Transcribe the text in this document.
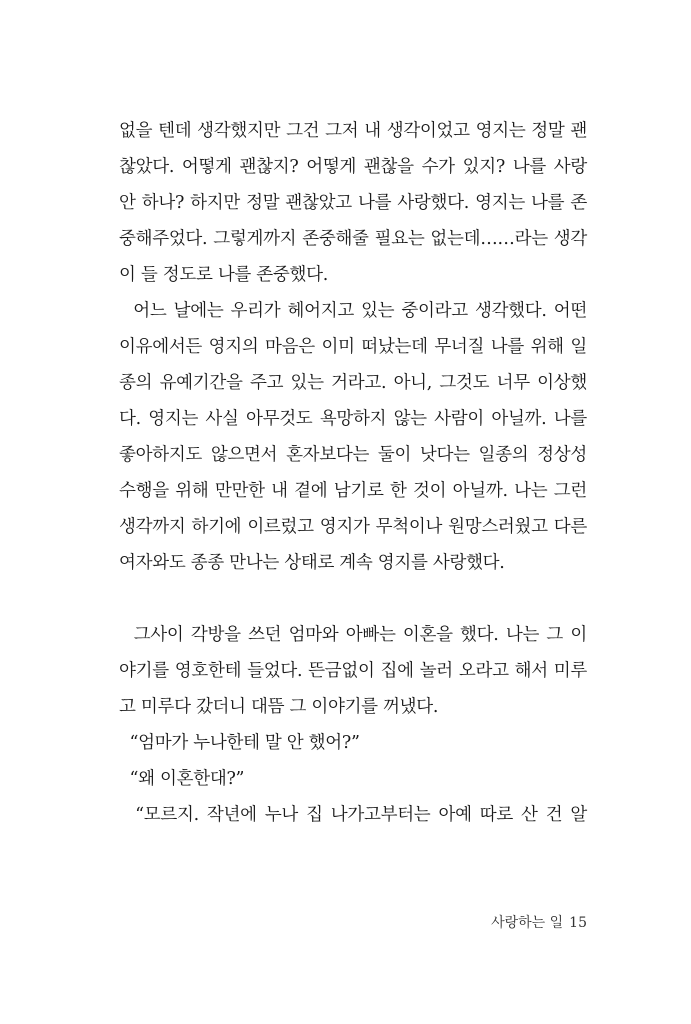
없을 텐데 생각했지만 그건 그저 내 생각이었고 영지는 정말 괜
찮았다. 어떻게 괜찮지? 어떻게 괜찮을 수가 있지? 나를 사랑
안 하나? 하지만 정말 괜찮았고 나를 사랑했다. 영지는 나를 존
중해주었다. 그렇게까지 존중해줄 필요는 없는데……라는 생각
이 들 정도로 나를 존중했다.
어느 날에는 우리가 헤어지고 있는 중이라고 생각했다. 어떤
이유에서든 영지의 마음은 이미 떠났는데 무너질 나를 위해 일
종의 유예기간을 주고 있는 거라고. 아니, 그것도 너무 이상했
다. 영지는 사실 아무것도 욕망하지 않는 사람이 아닐까. 나를
좋아하지도 않으면서 혼자보다는 둘이 낫다는 일종의 정상성
수행을 위해 만만한 내 곁에 남기로 한 것이 아닐까. 나는 그런
생각까지 하기에 이르렀고 영지가 무척이나 원망스러웠고 다른
여자와도 종종 만나는 상태로 계속 영지를 사랑했다.
그사이 각방을 쓰던 엄마와 아빠는 이혼을 했다. 나는 그 이
야기를 영호한테 들었다. 뜬금없이 집에 놀러 오라고 해서 미루
고 미루다 갔더니 대뜸 그 이야기를 꺼냈다.
“엄마가 누나한테 말 안 했어?”
“왜 이혼한대?”
“모르지. 작년에 누나 집 나가고부터는 아예 따로 산 건 알
사랑하는 일 15
